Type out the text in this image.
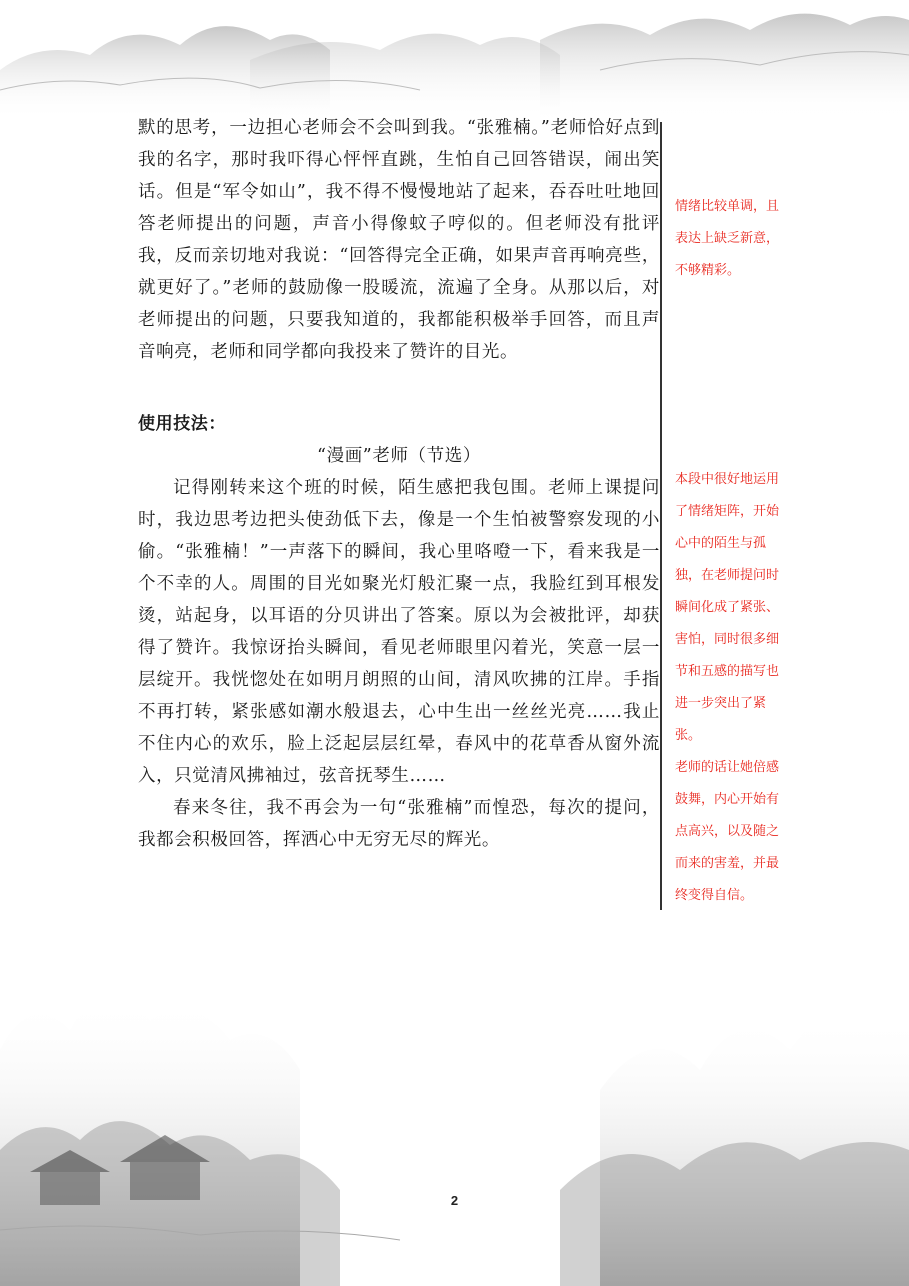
默的思考，一边担心老师会不会叫到我。“张雅楠。”老师恰好点到我的名字，那时我吓得心怦怦直跳，生怕自己回答错误，闹出笑话。但是“军令如山”，我不得不慢慢地站了起来，吞吞吐吐地回答老师提出的问题，声音小得像蚊子哼似的。但老师没有批评我，反而亲切地对我说：“回答得完全正确，如果声音再响亮些，就更好了。”老师的鼓励像一股暖流，流遍了全身。从那以后，对老师提出的问题，只要我知道的，我都能积极举手回答，而且声音响亮，老师和同学都向我投来了赞许的目光。

使用技法：

“漫画”老师（节选）

记得刚转来这个班的时候，陌生感把我包围。老师上课提问时，我边思考边把头使劲低下去，像是一个生怕被警察发现的小偷。“张雅楠！”一声落下的瞬间，我心里咯噔一下，看来我是一个不幸的人。周围的目光如聚光灯般汇聚一点，我脸红到耳根发烫，站起身，以耳语的分贝讲出了答案。原以为会被批评，却获得了赞许。我惊讶抬头瞬间，看见老师眼里闪着光，笑意一层一层绽开。我恍惚处在如明月朗照的山间，清风吹拂的江岸。手指不再打转，紧张感如潮水般退去，心中生出一丝丝光亮……我止不住内心的欢乐，脸上泛起层层红晕，春风中的花草香从窗外流入，只觉清风拂袖过，弦音抚琴生……

春来冬往，我不再会为一句“张雅楠”而惶恐，每次的提问，我都会积极回答，挥洒心中无穷无尽的辉光。

情绪比较单调，且表达上缺乏新意，不够精彩。

本段中很好地运用了情绪矩阵，开始心中的陌生与孤独，在老师提问时瞬间化成了紧张、害怕，同时很多细节和五感的描写也进一步突出了紧张。

老师的话让她倍感鼓舞，内心开始有点高兴，以及随之而来的害羞，并最终变得自信。

2
